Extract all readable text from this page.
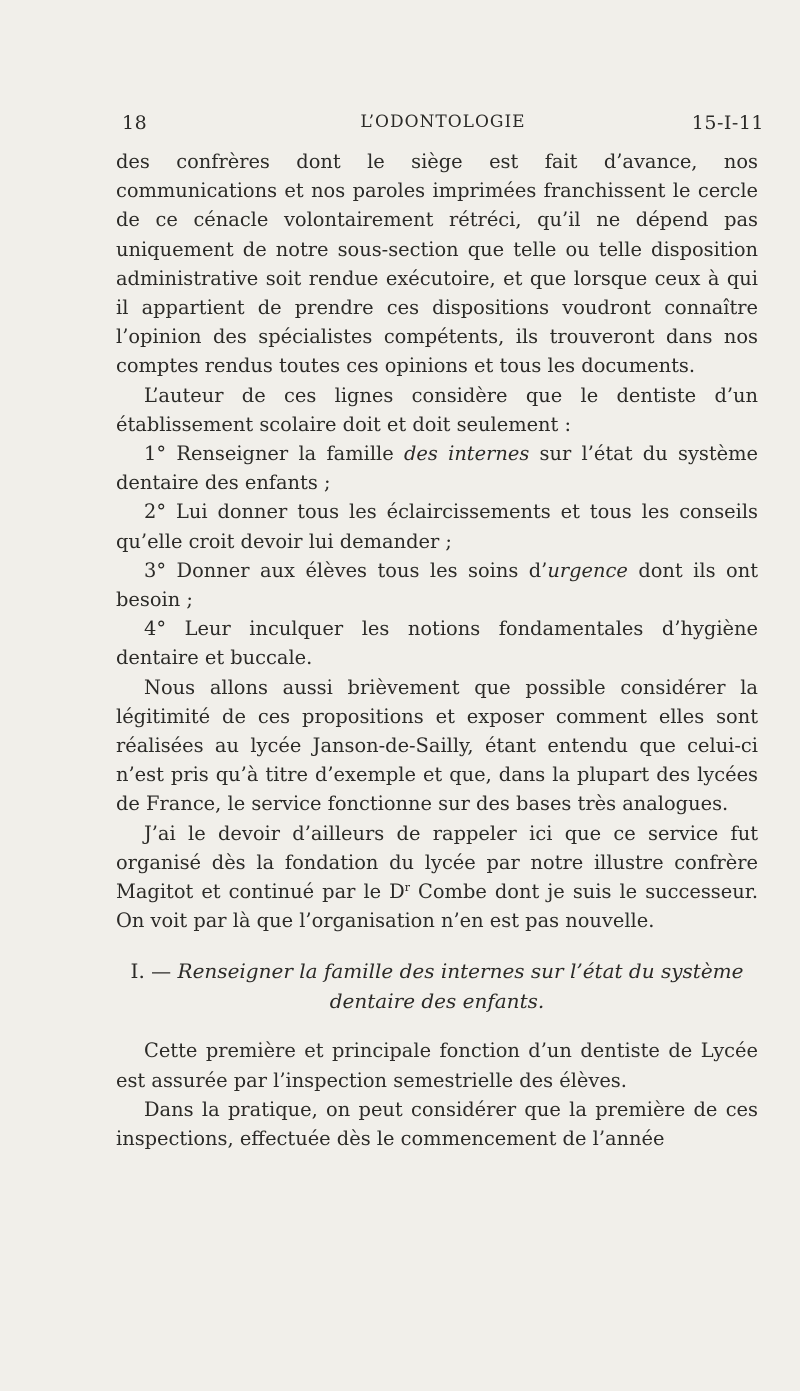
18	L’ODONTOLOGIE	15-I-11

des confrères dont le siège est fait d’avance, nos communications et nos paroles imprimées franchissent le cercle de ce cénacle volontairement rétréci, qu’il ne dépend pas uniquement de notre sous-section que telle ou telle disposition administrative soit rendue exécutoire, et que lorsque ceux à qui il appartient de prendre ces dispositions voudront connaître l’opinion des spécialistes compétents, ils trouveront dans nos comptes rendus toutes ces opinions et tous les documents.

L’auteur de ces lignes considère que le dentiste d’un établissement scolaire doit et doit seulement :

1° Renseigner la famille des internes sur l’état du système dentaire des enfants ;

2° Lui donner tous les éclaircissements et tous les conseils qu’elle croit devoir lui demander ;

3° Donner aux élèves tous les soins d’urgence dont ils ont besoin ;

4° Leur inculquer les notions fondamentales d’hygiène dentaire et buccale.

Nous allons aussi brièvement que possible considérer la légitimité de ces propositions et exposer comment elles sont réalisées au lycée Janson-de-Sailly, étant entendu que celui-ci n’est pris qu’à titre d’exemple et que, dans la plupart des lycées de France, le service fonctionne sur des bases très analogues.

J’ai le devoir d’ailleurs de rappeler ici que ce service fut organisé dès la fondation du lycée par notre illustre confrère Magitot et continué par le $D^r$ Combe dont je suis le successeur. On voit par là que l’organisation n’en est pas nouvelle.

I. — Renseigner la famille des internes sur l’état du système dentaire des enfants.

Cette première et principale fonction d’un dentiste de Lycée est assurée par l’inspection semestrielle des élèves.

Dans la pratique, on peut considérer que la première de ces inspections, effectuée dès le commencement de l’année
